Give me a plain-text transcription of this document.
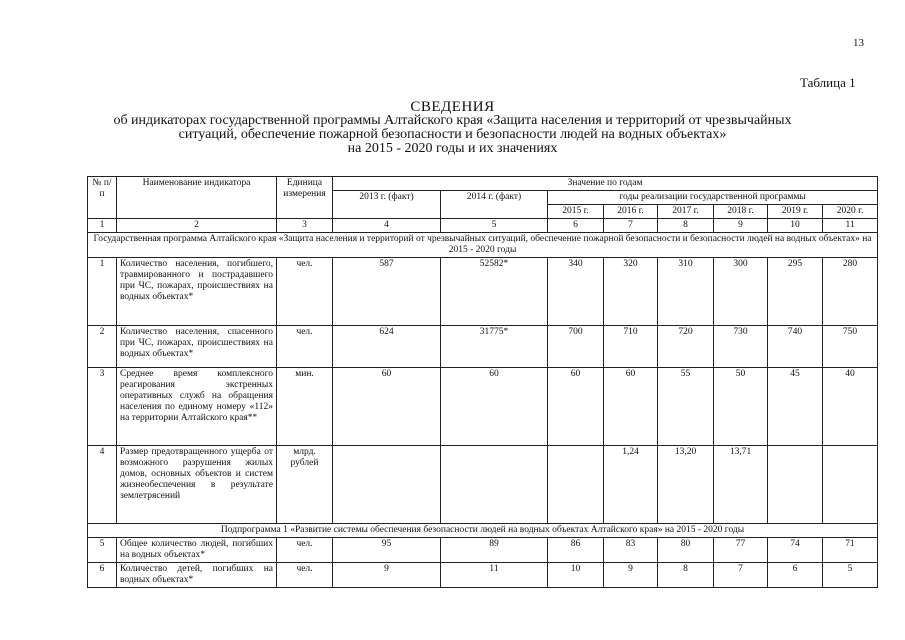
13
Таблица 1
СВЕДЕНИЯ
об индикаторах государственной программы Алтайского края «Защита населения и территорий от чрезвычайных
ситуаций, обеспечение пожарной безопасности и безопасности людей на водных объектах»
на 2015 - 2020 годы и их значениях
№ п/п	Наименование индикатора	Единица измерения	Значение по годам							
			2013 г. (факт)	2014 г. (факт)	годы реализации государственной программы					
					2015 г.	2016 г.	2017 г.	2018 г.	2019 г.	2020 г.
1	2	3	4	5	6	7	8	9	10	11
Государственная программа Алтайского края «Защита населения и территорий от чрезвычайных ситуаций, обеспечение пожарной безопасности и безопасности людей на водных объектах» на 2015 - 2020 годы										
1	Количество населения, погибшего, травмированного и пострадавшего при ЧС, пожарах, происшествиях на водных объектах*	чел.	587	52582*	340	320	310	300	295	280
2	Количество населения, спасенного при ЧС, пожарах, происшествиях на водных объектах*	чел.	624	31775*	700	710	720	730	740	750
3	Среднее время комплексного реагирования экстренных оперативных служб на обращения населения по единому номеру «112» на территории Алтайского края**	мин.	60	60	60	60	55	50	45	40
4	Размер предотвращенного ущерба от возможного разрушения жилых домов, основных объектов и систем жизнеобеспечения в результате землетрясений	млрд. рублей				1,24	13,20	13,71		
Подпрограмма 1 «Развитие системы обеспечения безопасности людей на водных объектах Алтайского края» на 2015 - 2020 годы										
5	Общее количество людей, погибших на водных объектах*	чел.	95	89	86	83	80	77	74	71
6	Количество детей, погибших на водных объектах*	чел.	9	11	10	9	8	7	6	5
